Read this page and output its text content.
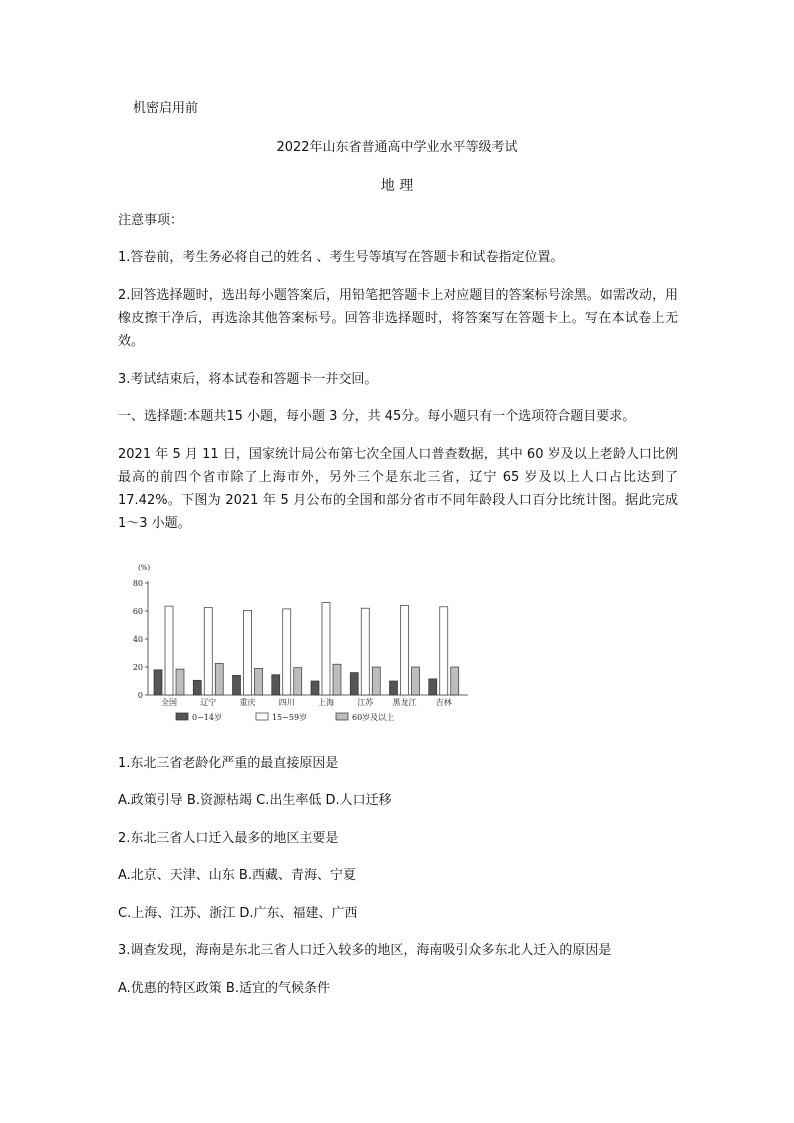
机密启用前
2022年山东省普通高中学业水平等级考试
地 理
注意事项：
1.答卷前，考生务必将自己的姓名 、考生号等填写在答题卡和试卷指定位置。
2.回答选择题时，选出每小题答案后，用铅笔把答题卡上对应题目的答案标号涂黑。如需改动，用橡皮擦干净后，再选涂其他答案标号。回答非选择题时，将答案写在答题卡上。写在本试卷上无效。
3.考试结束后，将本试卷和答题卡一并交回。
一、选择题:本题共15 小题，每小题 3 分，共 45分。每小题只有一个选项符合题目要求。
2021 年 5 月 11 日，国家统计局公布第七次全国人口普查数据，其中 60 岁及以上老龄人口比例最高的前四个省市除了上海市外，另外三个是东北三省，辽宁 65 岁及以上人口占比达到了 17.42%。下图为 2021 年 5 月公布的全国和部分省市不同年龄段人口百分比统计图。据此完成 1～3 小题。
(%)
0
20
40
60
80
全国	辽宁	重庆	四川	上海	江苏 黑龙江 吉林
0~14岁	15~59岁	60岁及以上
1.东北三省老龄化严重的最直接原因是
A.政策引导 B.资源枯竭 C.出生率低 D.人口迁移
2.东北三省人口迁入最多的地区主要是
A.北京、天津、山东 B.西藏、青海、宁夏
C.上海、江苏、浙江 D.广东、福建、广西
3.调查发现，海南是东北三省人口迁入较多的地区，海南吸引众多东北人迁入的原因是
A.优惠的特区政策 B.适宜的气候条件
